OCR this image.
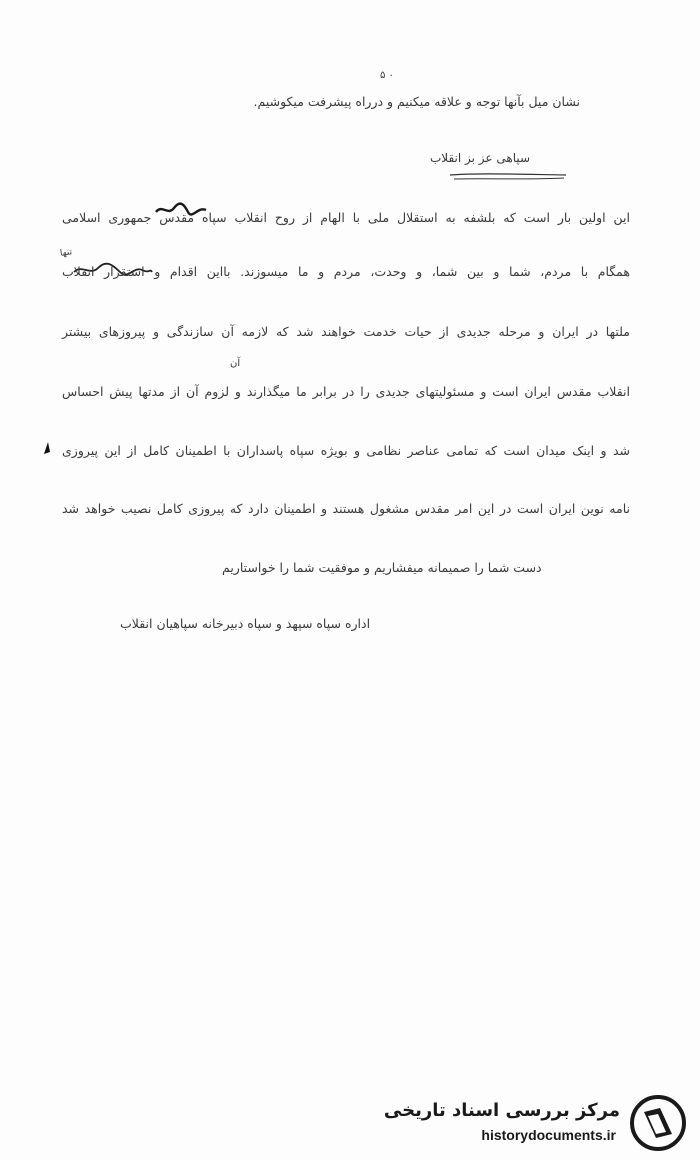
۵ ۰
نشان میل بآنها توجه و علاقه میکنیم و درراه پیشرفت میکوشیم.
سپاهی عز بز انقلاب
تنها
این اولین بار است که بلشفه به استقلال ملی با الهام از روح انقلاب سپاه مقدس جمهوری اسلامی
همگام با مردم، شما و بین شما، و وحدت، مردم و ما میسوزند. بااین اقدام و استقرار انقلاب
ملتها در ایران و مرحله جدیدی از حیات خدمت خواهند شد که لازمه آن سازندگی و پیروزهای بیشتر
آن
انقلاب مقدس ایران است و مسئولیتهای جدیدی را در برابر ما میگذارند و لزوم آن از مدتها پیش احساس
شد و اینک میدان است که تمامی عناصر نظامی و بویژه سپاه پاسداران با اطمینان کامل از این پیروزی
نامه نوین ایران است در این امر مقدس مشغول هستند و اطمینان دارد که پیروزی کامل نصیب خواهد شد
دست شما را صمیمانه میفشاریم و موفقیت شما را خواستاریم
اداره سپاه سپهد و سپاه دبیرخانه سپاهیان انقلاب
مرکز بررسی اسناد تاریخی
historydocuments.ir
